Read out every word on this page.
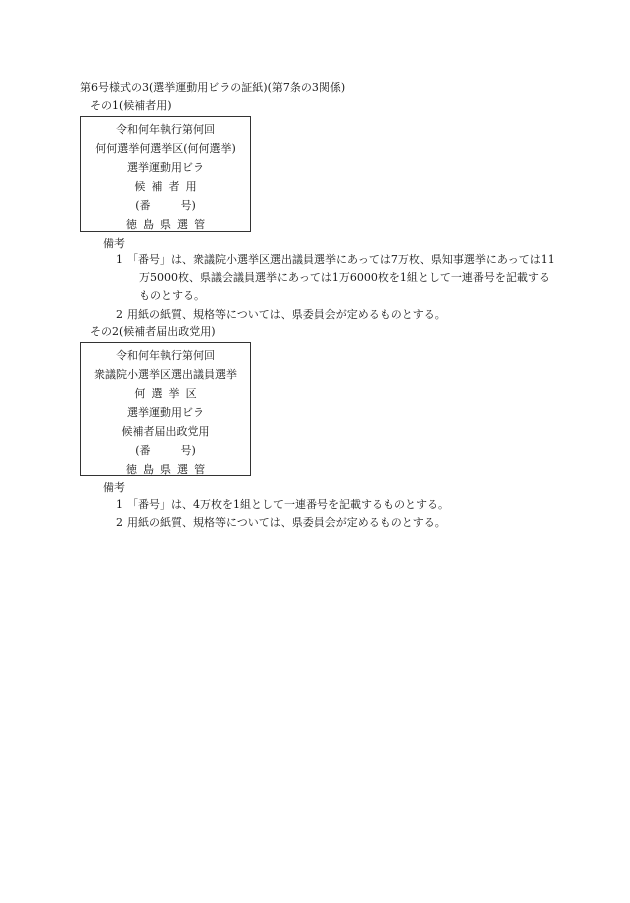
第6号様式の3(選挙運動用ビラの証紙)(第7条の3関係)
その1(候補者用)
令和何年執行第何回
何何選挙何選挙区(何何選挙)
選挙運動用ビラ
候補者用
(番	号)
徳島県選管
備考
1 「番号」は、衆議院小選挙区選出議員選挙にあっては7万枚、県知事選挙にあっては11万5000枚、県議会議員選挙にあっては1万6000枚を1組として一連番号を記載するものとする。
2 用紙の紙質、規格等については、県委員会が定めるものとする。
その2(候補者届出政党用)
令和何年執行第何回
衆議院小選挙区選出議員選挙
何選挙区
選挙運動用ビラ
候補者届出政党用
(番	号)
徳島県選管
備考
1 「番号」は、4万枚を1組として一連番号を記載するものとする。
2 用紙の紙質、規格等については、県委員会が定めるものとする。
